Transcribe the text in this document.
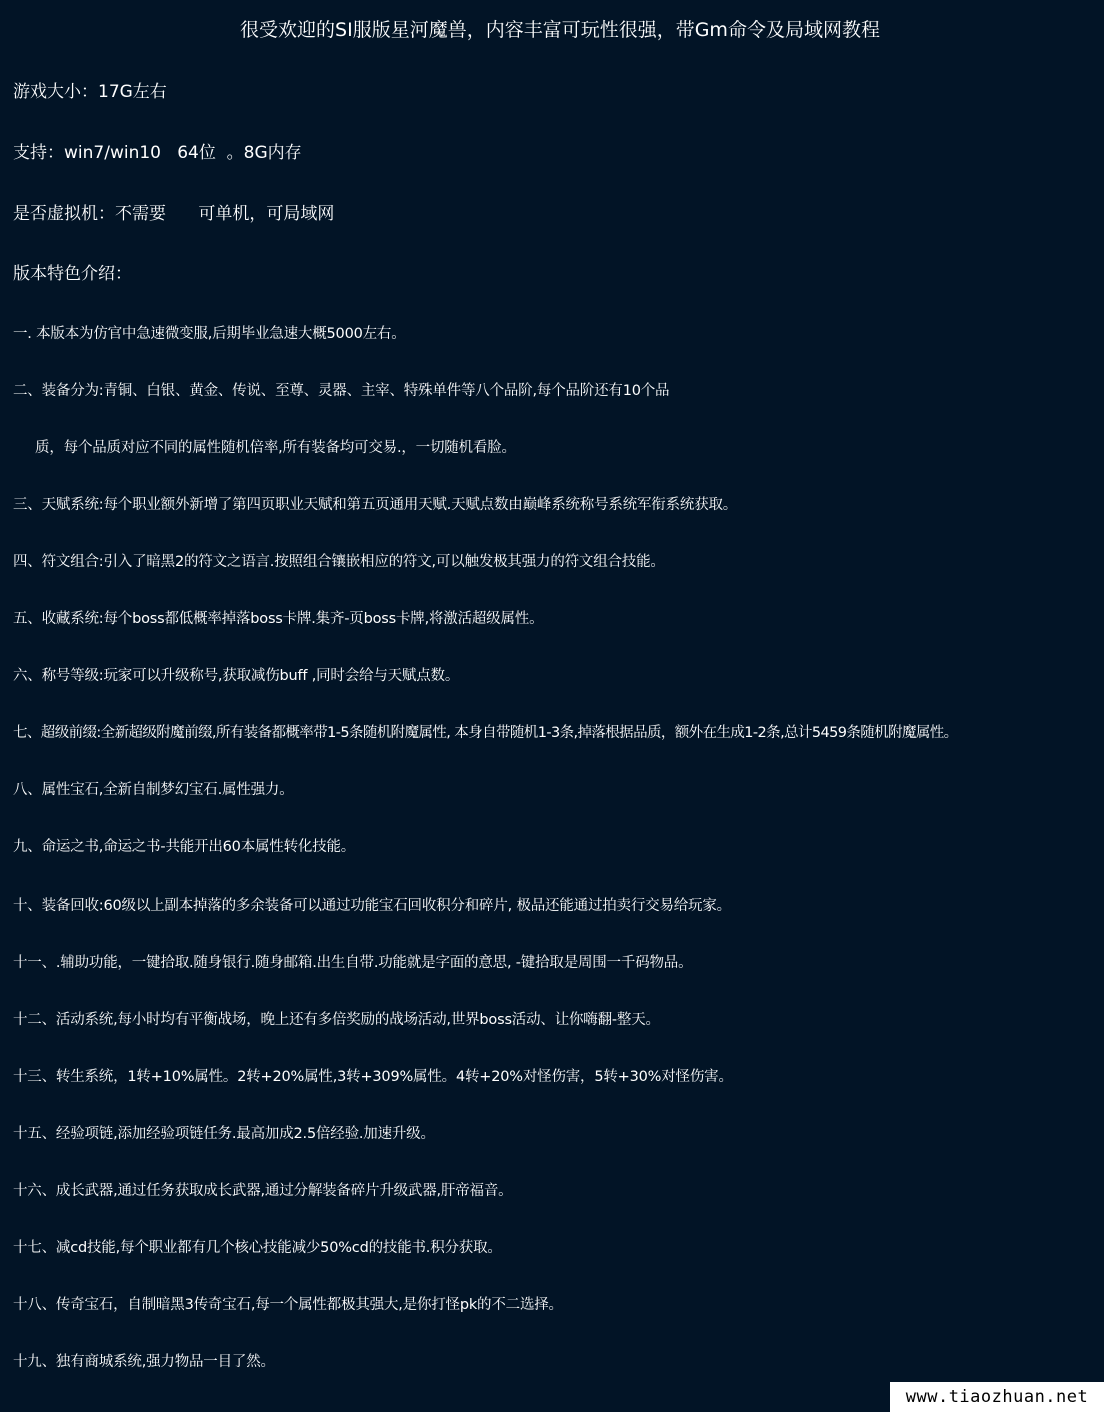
很受欢迎的SI服版星河魔兽，内容丰富可玩性很强，带Gm命令及局域网教程
游戏大小：17G左右
支持：win7/win10   64位  。8G内存
是否虚拟机：不需要      可单机，可局域网
版本特色介绍：
一. 本版本为仿官中急速微变服,后期毕业急速大概5000左右。
二、装备分为:青铜、白银、黄金、传说、至尊、灵器、主宰、特殊单件等八个品阶,每个品阶还有10个品
质，每个品质对应不同的属性随机倍率,所有装备均可交易.，一切随机看脸。
三、天赋系统:每个职业额外新增了第四页职业天赋和第五页通用天赋.天赋点数由巅峰系统称号系统军衔系统获取。
四、符文组合:引入了暗黑2的符文之语言.按照组合镶嵌相应的符文,可以触发极其强力的符文组合技能。
五、收藏系统:每个boss都低概率掉落boss卡牌.集齐-页boss卡牌,将激活超级属性。
六、称号等级:玩家可以升级称号,获取减伤buff ,同时会给与天赋点数。
七、超级前缀:全新超级附魔前缀,所有装备都概率带1-5条随机附魔属性, 本身自带随机1-3条,掉落根据品质，额外在生成1-2条,总计5459条随机附魔属性。
八、属性宝石,全新自制梦幻宝石.属性强力。
九、命运之书,命运之书-共能开出60本属性转化技能。
十、装备回收:60级以上副本掉落的多余装备可以通过功能宝石回收积分和碎片, 极品还能通过拍卖行交易给玩家。
十一、.辅助功能，一键拾取.随身银行.随身邮箱.出生自带.功能就是字面的意思, -键拾取是周围一千码物品。
十二、活动系统,每小时均有平衡战场，晚上还有多倍奖励的战场活动,世界boss活动、让你嗨翻-整天。
十三、转生系统，1转+10%属性。2转+20%属性,3转+309%属性。4转+20%对怪伤害，5转+30%对怪伤害。
十五、经验项链,添加经验项链任务.最高加成2.5倍经验.加速升级。
十六、成长武器,通过任务获取成长武器,通过分解装备碎片升级武器,肝帝福音。
十七、减cd技能,每个职业都有几个核心技能减少50%cd的技能书.积分获取。
十八、传奇宝石，自制暗黑3传奇宝石,每一个属性都极其强大,是你打怪pk的不二选择。
十九、独有商城系统,强力物品一目了然。
www.tiaozhuan.net
